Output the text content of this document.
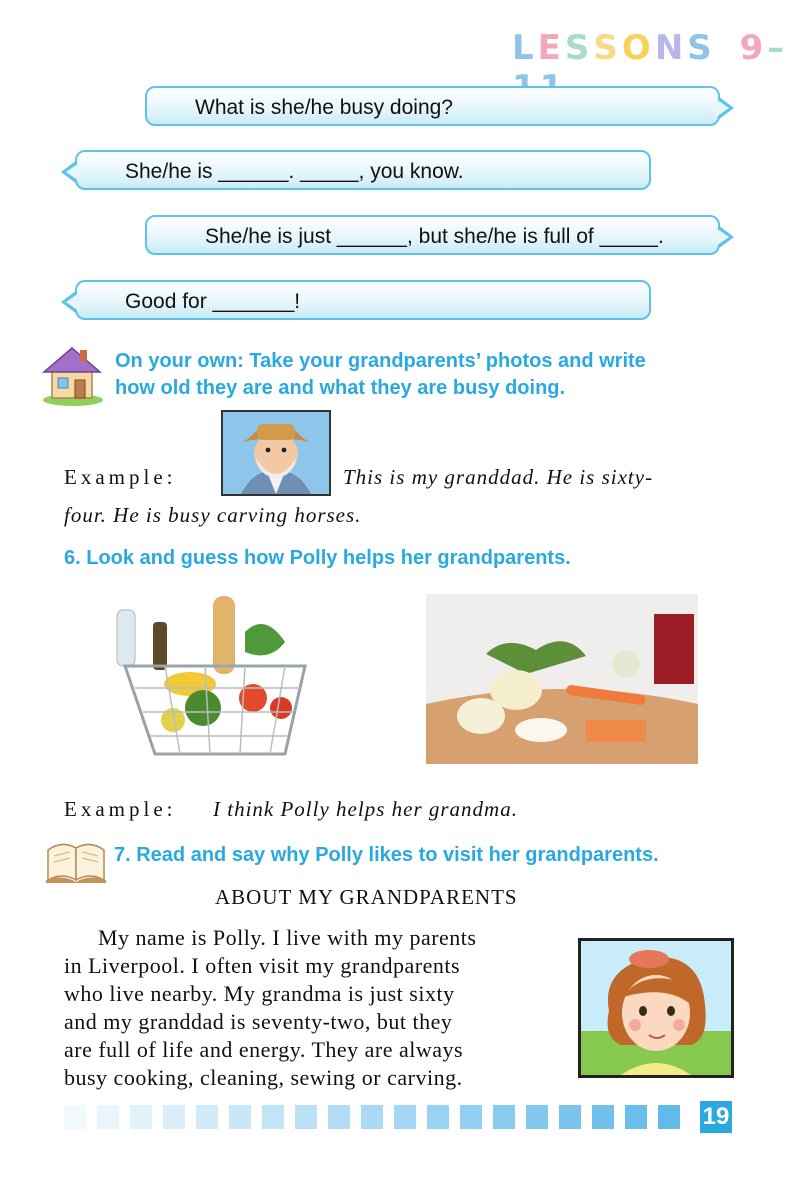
LESSONS 9–
What is she/he busy doing?
She/he is ______. _____, you know.
She/he is just ______, but she/he is full of _____.
Good for _______!
On your own: Take your grandparents’ photos and write
how old they are and what they are busy doing.
Example:	This is my granddad. He is sixty-
four. He is busy carving horses.
6. Look and guess how Polly helps her grandparents.
Example: I think Polly helps her grandma.
7. Read and say why Polly likes to visit her grandparents.
ABOUT MY GRANDPARENTS
My name is Polly. I live with my parents
in Liverpool. I often visit my grandparents
who live nearby. My grandma is just sixty
and my granddad is seventy-two, but they
are full of life and energy. They are always
busy cooking, cleaning, sewing or carving.
19
